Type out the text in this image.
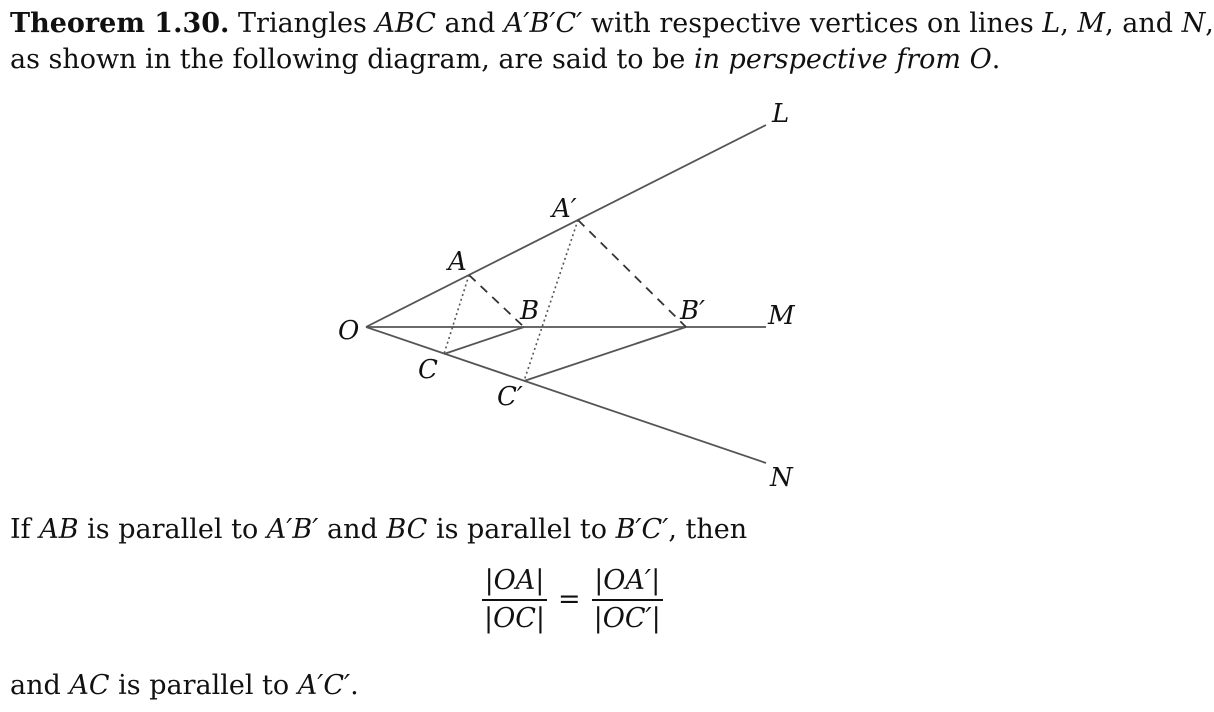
Theorem 1.30. Triangles ABC and A′B′C′ with respective vertices on lines L, M, and N,

as shown in the following diagram, are said to be in perspective from O.

L
M
N
O
A
B
C
A′
B′
C′

If AB is parallel to A′B′ and BC is parallel to B′C′, then

$\frac{|OA|}{|OC|} = \frac{|OA'|}{|OC'|}$

and AC is parallel to A′C′.
